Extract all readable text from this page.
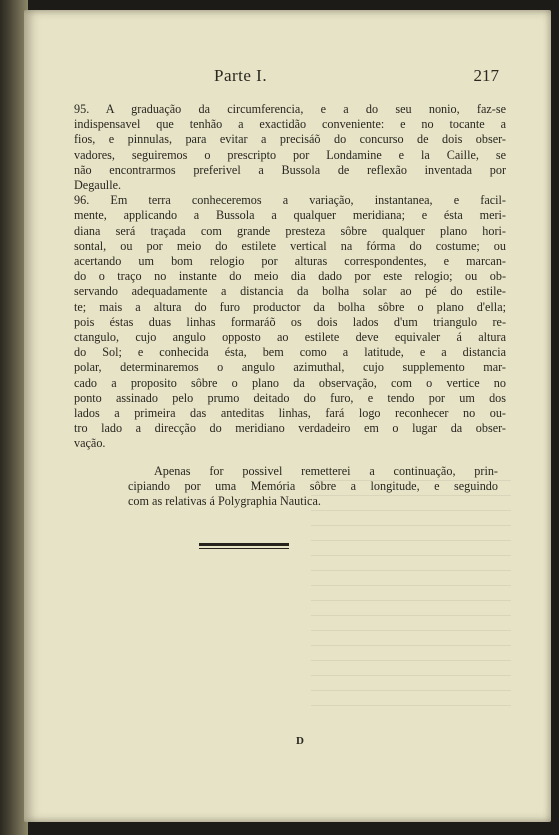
Parte I.	217

95. A graduação da circumferencia, e a do seu nonio, faz-se
indispensavel que tenhão a exactidão conveniente: e no tocante a
fios, e pinnulas, para evitar a precisáõ do concurso de dois obser-
vadores, seguiremos o prescripto por Londamine e la Caille, se
não encontrarmos preferivel a Bussola de reflexão inventada por
Degaulle.

96. Em terra conheceremos a variação, instantanea, e facil-
mente, applicando a Bussola a qualquer meridiana; e ésta meri-
diana será traçada com grande presteza sôbre qualquer plano hori-
sontal, ou por meio do estilete vertical na fórma do costume; ou
acertando um bom relogio por alturas correspondentes, e marcan-
do o traço no instante do meio dia dado por este relogio; ou ob-
servando adequadamente a distancia da bolha solar ao pé do estile-
te; mais a altura do furo productor da bolha sôbre o plano d'ella;
pois éstas duas linhas formaráõ os dois lados d'um triangulo re-
ctangulo, cujo angulo opposto ao estilete deve equivaler á altura
do Sol; e conhecida ésta, bem como a latitude, e a distancia
polar, determinaremos o angulo azimuthal, cujo supplemento mar-
cado a proposito sôbre o plano da observação, com o vertice no
ponto assinado pelo prumo deitado do furo, e tendo por um dos
lados a primeira das anteditas linhas, fará logo reconhecer no ou-
tro lado a direcção do meridiano verdadeiro em o lugar da obser-
vação.

Apenas for possivel remetterei a continuação, prin-
cipiando por uma Memória sôbre a longitude, e seguindo
com as relativas á Polygraphia Nautica.
D
